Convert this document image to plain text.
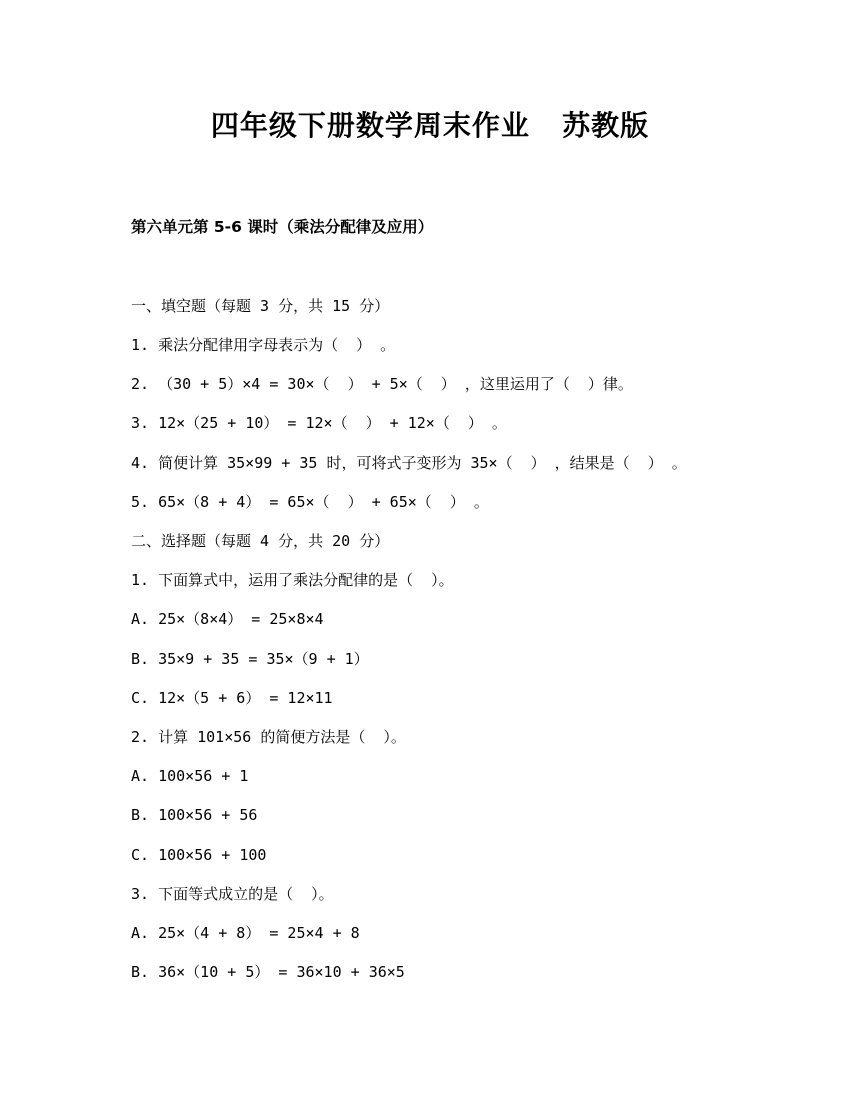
四年级下册数学周末作业   苏教版
第六单元第 5-6 课时（乘法分配律及应用）
一、填空题（每题 3 分，共 15 分）
1. 乘法分配律用字母表示为（  ） 。
2. （30 + 5）×4 = 30×（  ） + 5×（  ） ，这里运用了（  ）律。
3. 12×（25 + 10） = 12×（  ） + 12×（  ） 。
4. 简便计算 35×99 + 35 时，可将式子变形为 35×（  ） ，结果是（  ） 。
5. 65×（8 + 4） = 65×（  ） + 65×（  ） 。
二、选择题（每题 4 分，共 20 分）
1. 下面算式中，运用了乘法分配律的是（  ）。
A. 25×（8×4） = 25×8×4
B. 35×9 + 35 = 35×（9 + 1）
C. 12×（5 + 6） = 12×11
2. 计算 101×56 的简便方法是（  ）。
A. 100×56 + 1
B. 100×56 + 56
C. 100×56 + 100
3. 下面等式成立的是（  ）。
A. 25×（4 + 8） = 25×4 + 8
B. 36×（10 + 5） = 36×10 + 36×5
